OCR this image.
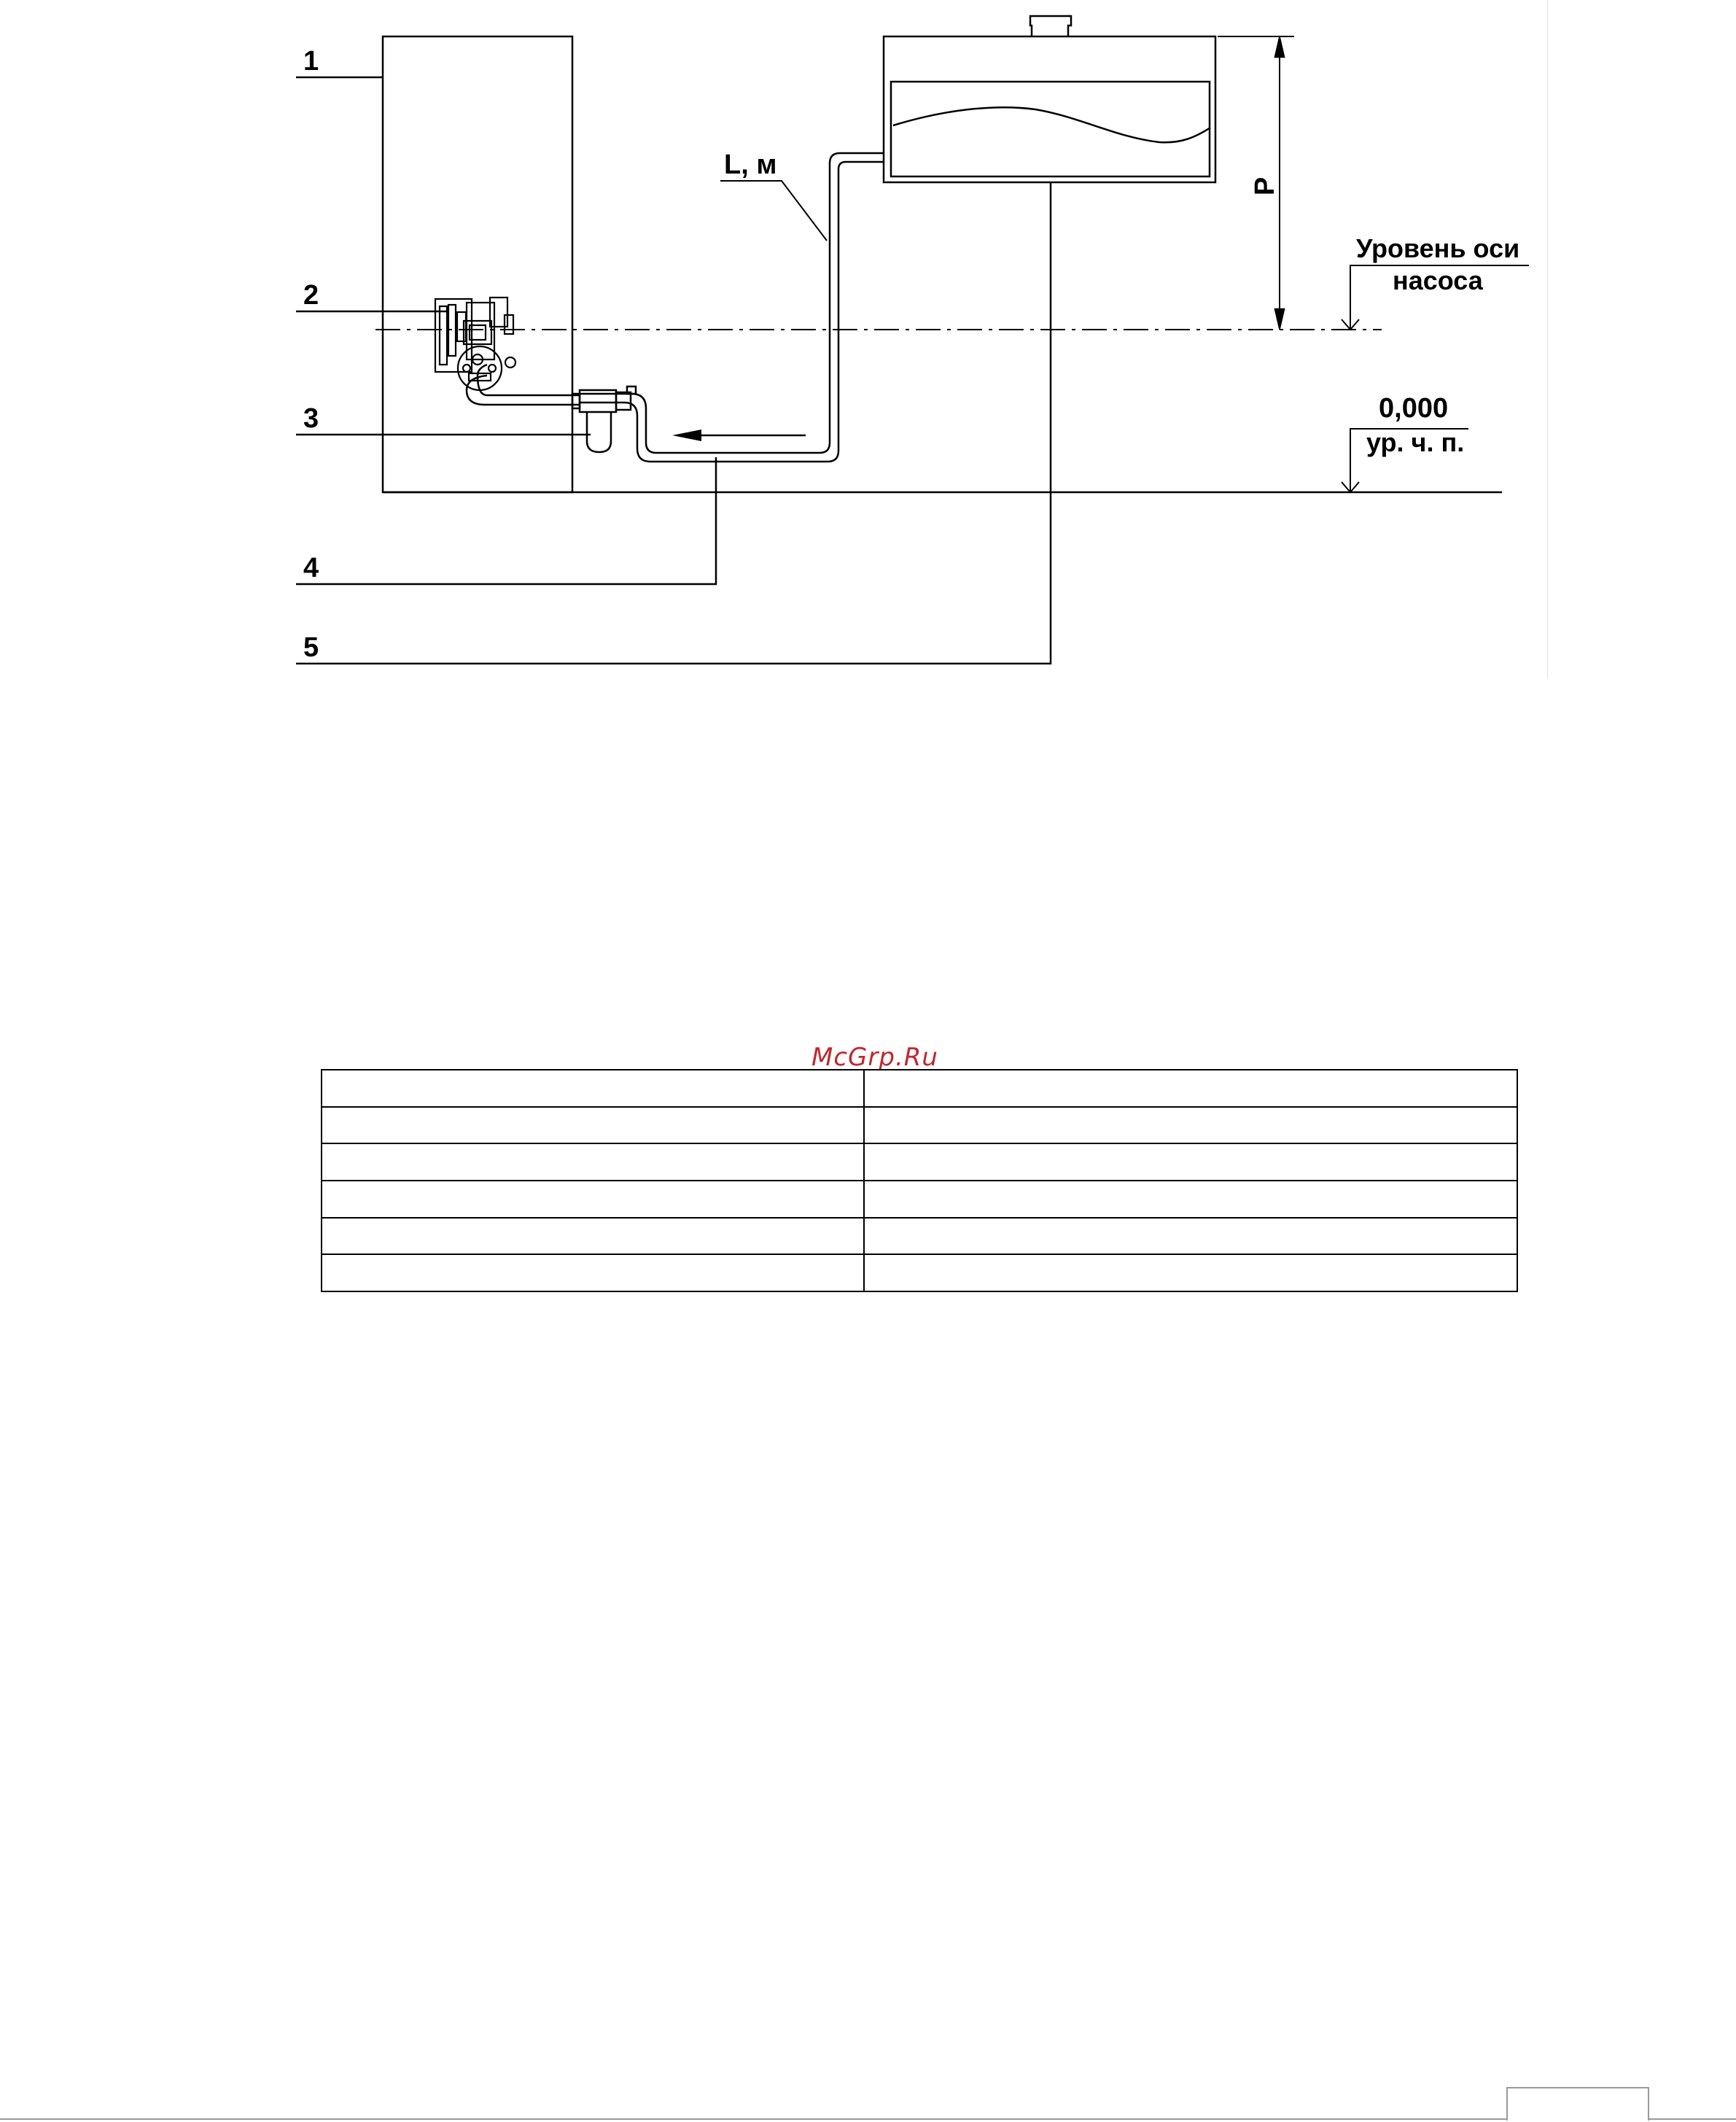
1
2
3
4
5
L, м
P
Уровень оси
насоса
0,000
ур. ч. п.
McGrp.Ru
